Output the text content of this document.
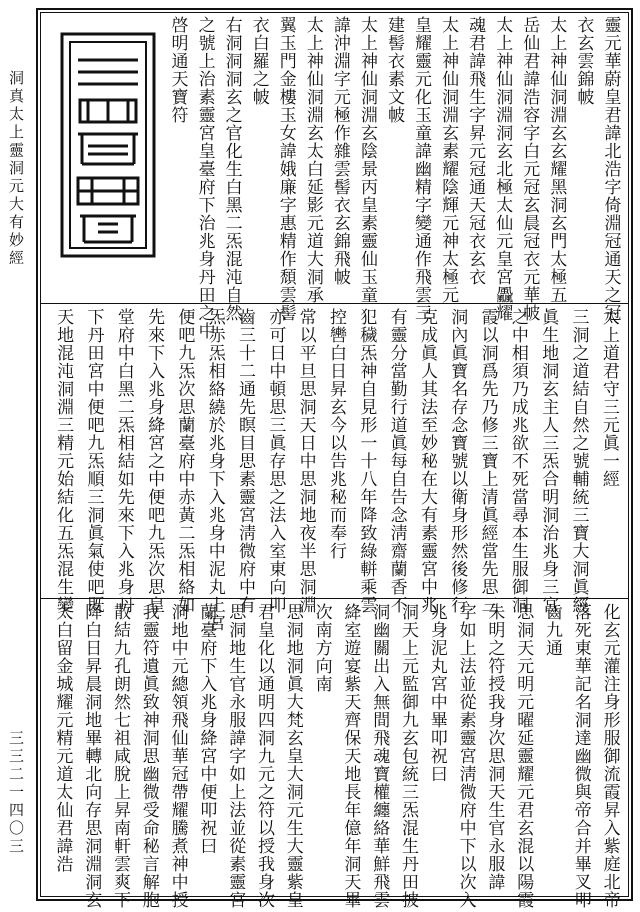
洞真太上靈洞元大有妙經
三三二一四〇三
靈元華蔚皇君諱北浩字倚淵冠通天之冠
衣玄雲錦帔
太上神仙洞淵玄玄耀黑洞玄門太極五
岳仙君諱浩容字白元冠玄晨冠衣元華帔
太上神仙洞淵洞玄北極太仙元皇宮飍耀
魂君諱飛生字昇元冠通天冠衣玄衣
太上神仙洞淵玄素耀陰輝元神太極元
皇耀靈元化玉童諱幽精字變通作飛雲三
建髻衣素文帔
太上神仙洞淵玄陰景丙皇素靈仙玉童
諱沖淵字元極作雜雲髻衣玄錦飛帔
太上神仙洞淵玄太白延影元道大洞承
翼玉門金樓玉女諱娥廉字惠精作頹雲髻
衣白羅之帔
右洞洞洞玄之官化生白黑二炁混沌自然
之號上治素靈宮皇臺府下治兆身丹田之中
啓明通天寶符
太上道君守三元眞一經
三洞之道結自然之號輔統三寶大洞眞經
眞生地洞玄主人三炁合明洞治兆身三宮
之中相須乃成兆欲不死當尋本生服御洞
霞以洞爲先乃修三寶上清眞經當先思三
洞內眞寶名存念寶號以衛身形然後修行
克成眞人其法至妙秘在大有素靈宮中兆
有靈分當勤行道眞每自告念淸齋蘭香不
犯穢炁神自見形一十八年降致綠軿乘雲
控轡白日昇玄今以告兆秘而奉行
常以平旦思洞天日中思洞地夜半思洞淵
亦可日中頓思三眞存思之法入室東向叩
齒三十二通先瞑目思素靈宮淸微府中有
炁赤炁相絡繞於兆身下入兆身中泥丸上宮
便吧九炁次思蘭臺府中赤黃二炁相絡如
先來下入兆身絳宮之中便吧九炁次思皇
堂府中白黑二炁相結如先來下入兆身丹
下丹田宮中便吧九炁順三洞眞氣使吧既
天地混沌洞淵三精元始結化五炁混生變
化玄元灌注身形服御流霞昇入紫庭北帝
落死東華記名洞達幽微與帝合并畢叉叩
齒九通
思洞天元明元曜延靈耀元君玄混以陽霞
朱明之符授我身次思洞天生官永服諱
字如上法並從素靈宮淸微府中下以次入
兆身泥丸宮中畢叩祝曰
洞天上元監御九玄包統三炁混生丹田披
洞幽關出入無間飛魂寶權纏絡華鮮飛雲
絳室遊宴紫天齊保天地長年億年洞天畢
次南方向南
思洞地洞眞大梵玄皇大洞元生大靈紫皇
君皇化以通明四洞九元之符以授我身次
思洞地生官永服諱字如上法並從素靈宮
蘭臺府下入兆身絳宮中便叩祝曰
洞地中元總領飛仙華冠帶耀騰煮神中授
我靈符遺眞致神洞思幽微受命秘言解胞
散結九孔朗然七祖咸脫上昇南軒雲爽下
降白日昇晨洞地畢轉北向存思洞淵洞玄
太白留金城耀元精元道太仙君諱浩
